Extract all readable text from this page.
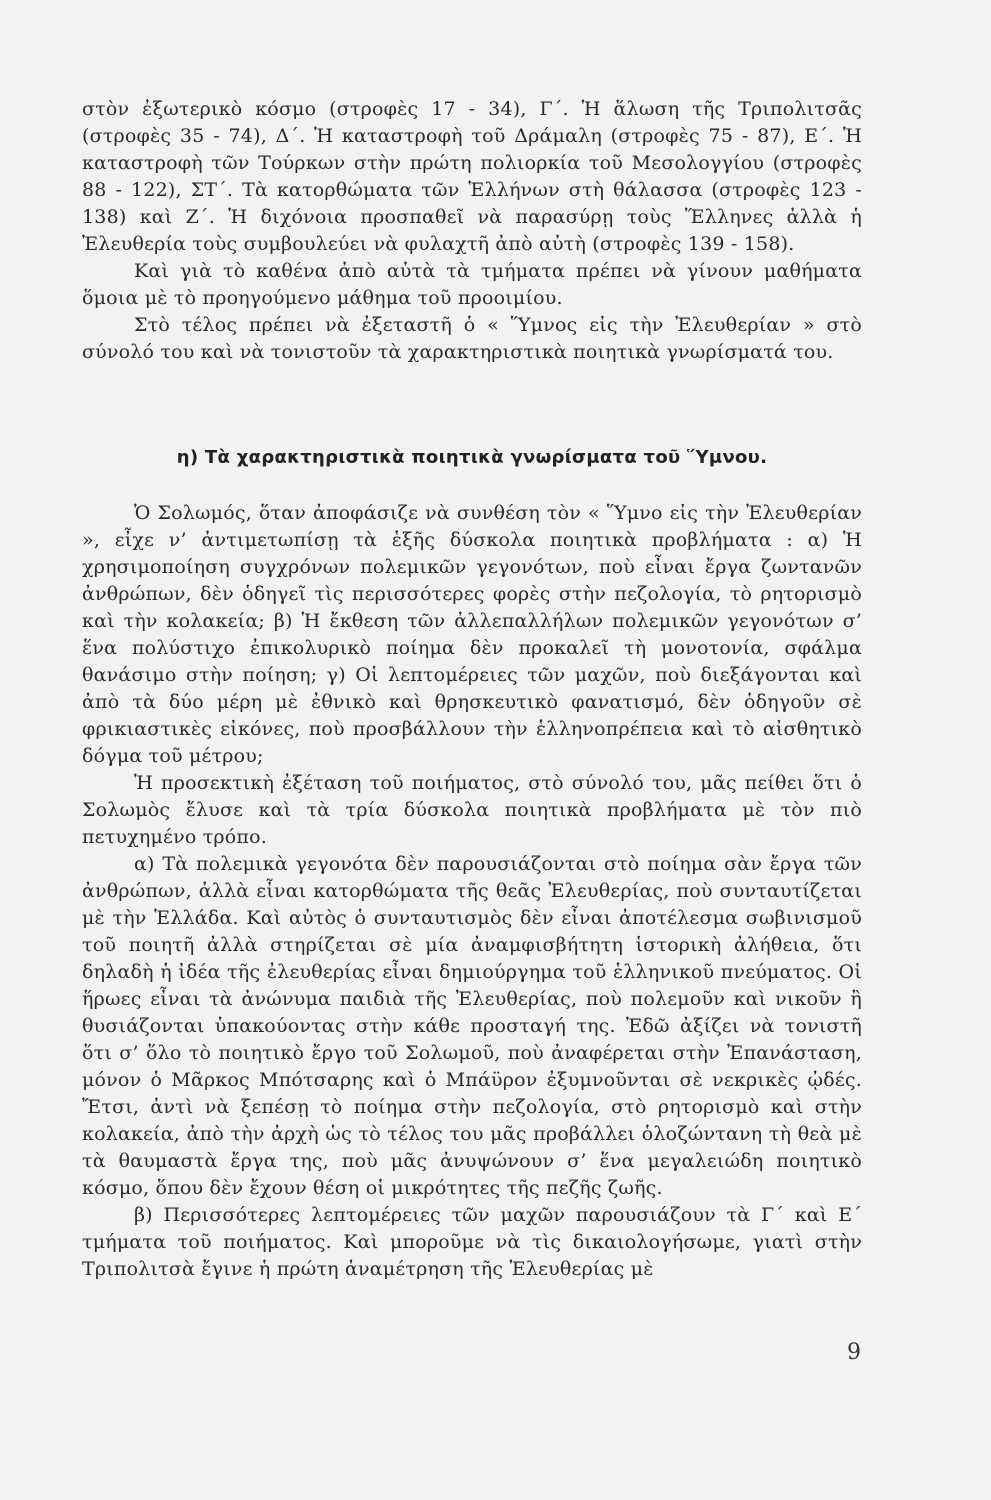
στὸν ἐξωτερικὸ κόσμο (στροφὲς 17 - 34), Γ΄. Ἡ ἅλωση τῆς Τριπολιτσᾶς (στροφὲς 35 - 74), Δ΄. Ἡ καταστροφὴ τοῦ Δράμαλη (στροφὲς 75 - 87), Ε΄. Ἡ καταστροφὴ τῶν Τούρκων στὴν πρώτη πολιορκία τοῦ Μεσολογγίου (στροφὲς 88 - 122), ΣΤ΄. Τὰ κατορθώματα τῶν Ἑλλήνων στὴ θάλασσα (στροφὲς 123 - 138) καὶ Ζ΄. Ἡ διχόνοια προσπαθεῖ νὰ παρασύρῃ τοὺς Ἕλληνες ἀλλὰ ἡ Ἐλευθερία τοὺς συμβουλεύει νὰ φυλαχτῆ ἀπὸ αὐτὴ (στροφὲς 139 - 158).

Καὶ γιὰ τὸ καθένα ἀπὸ αὐτὰ τὰ τμήματα πρέπει νὰ γίνουν μαθήματα ὅμοια μὲ τὸ προηγούμενο μάθημα τοῦ προοιμίου.

Στὸ τέλος πρέπει νὰ ἐξεταστῆ ὁ « Ὕμνος εἰς τὴν Ἐλευθερίαν » στὸ σύνολό του καὶ νὰ τονιστοῦν τὰ χαρακτηριστικὰ ποιητικὰ γνωρίσματά του.

η) Τὰ χαρακτηριστικὰ ποιητικὰ γνωρίσματα τοῦ Ὕμνου.

Ὁ Σολωμός, ὅταν ἀποφάσιζε νὰ συνθέση τὸν « Ὕμνο εἰς τὴν Ἐλευθερίαν », εἶχε ν’ ἀντιμετωπίσῃ τὰ ἑξῆς δύσκολα ποιητικὰ προβλήματα : α) Ἡ χρησιμοποίηση συγχρόνων πολεμικῶν γεγονότων, ποὺ εἶναι ἔργα ζωντανῶν ἀνθρώπων, δὲν ὁδηγεῖ τὶς περισσότερες φορὲς στὴν πεζολογία, τὸ ρητορισμὸ καὶ τὴν κολακεία; β) Ἡ ἔκθεση τῶν ἀλλεπαλλήλων πολεμικῶν γεγονότων σ’ ἕνα πολύστιχο ἐπικολυρικὸ ποίημα δὲν προκαλεῖ τὴ μονοτονία, σφάλμα θανάσιμο στὴν ποίηση; γ) Οἱ λεπτομέρειες τῶν μαχῶν, ποὺ διεξάγονται καὶ ἀπὸ τὰ δύο μέρη μὲ ἐθνικὸ καὶ θρησκευτικὸ φανατισμό, δὲν ὁδηγοῦν σὲ φρικιαστικὲς εἰκόνες, ποὺ προσβάλλουν τὴν ἑλληνοπρέπεια καὶ τὸ αἰσθητικὸ δόγμα τοῦ μέτρου;

Ἡ προσεκτικὴ ἐξέταση τοῦ ποιήματος, στὸ σύνολό του, μᾶς πείθει ὅτι ὁ Σολωμὸς ἔλυσε καὶ τὰ τρία δύσκολα ποιητικὰ προβλήματα μὲ τὸν πιὸ πετυχημένο τρόπο.

α) Τὰ πολεμικὰ γεγονότα δὲν παρουσιάζονται στὸ ποίημα σὰν ἔργα τῶν ἀνθρώπων, ἀλλὰ εἶναι κατορθώματα τῆς θεᾶς Ἐλευθερίας, ποὺ συνταυτίζεται μὲ τὴν Ἑλλάδα. Καὶ αὐτὸς ὁ συνταυτισμὸς δὲν εἶναι ἀποτέλεσμα σωβινισμοῦ τοῦ ποιητῆ ἀλλὰ στηρίζεται σὲ μία ἀναμφισβήτητη ἱστορικὴ ἀλήθεια, ὅτι δηλαδὴ ἡ ἰδέα τῆς ἐλευθερίας εἶναι δημιούργημα τοῦ ἑλληνικοῦ πνεύματος. Οἱ ἥρωες εἶναι τὰ ἀνώνυμα παιδιὰ τῆς Ἐλευθερίας, ποὺ πολεμοῦν καὶ νικοῦν ἢ θυσιάζονται ὑπακούοντας στὴν κάθε προσταγή της. Ἐδῶ ἀξίζει νὰ τονιστῆ ὅτι σ’ ὅλο τὸ ποιητικὸ ἔργο τοῦ Σολωμοῦ, ποὺ ἀναφέρεται στὴν Ἐπανάσταση, μόνον ὁ Μᾶρκος Μπότσαρης καὶ ὁ Μπάϋρον ἐξυμνοῦνται σὲ νεκρικὲς ᾠδές. Ἔτσι, ἀντὶ νὰ ξεπέσῃ τὸ ποίημα στὴν πεζολογία, στὸ ρητορισμὸ καὶ στὴν κολακεία, ἀπὸ τὴν ἀρχὴ ὡς τὸ τέλος του μᾶς προβάλλει ὁλοζώντανη τὴ θεὰ μὲ τὰ θαυμαστὰ ἔργα της, ποὺ μᾶς ἀνυψώνουν σ’ ἕνα μεγαλειώδη ποιητικὸ κόσμο, ὅπου δὲν ἔχουν θέση οἱ μικρότητες τῆς πεζῆς ζωῆς.

β) Περισσότερες λεπτομέρειες τῶν μαχῶν παρουσιάζουν τὰ Γ΄ καὶ Ε΄ τμήματα τοῦ ποιήματος. Καὶ μποροῦμε νὰ τὶς δικαιολογήσωμε, γιατὶ στὴν Τριπολιτσὰ ἔγινε ἡ πρώτη ἀναμέτρηση τῆς Ἐλευθερίας μὲ

9
